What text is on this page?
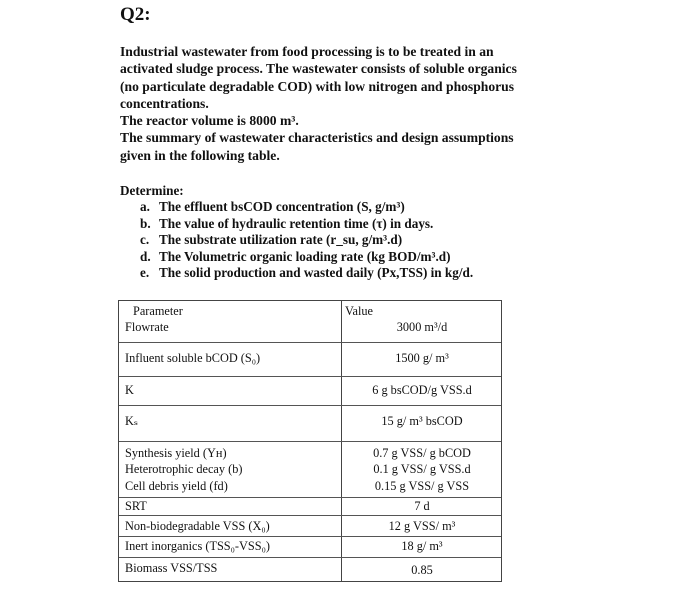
Q2:

Industrial wastewater from food processing is to be treated in an

activated sludge process. The wastewater consists of soluble organics

(no particulate degradable COD) with low nitrogen and phosphorus

concentrations.

The reactor volume is 8000 m³.

The summary of wastewater characteristics and design assumptions

given in the following table.

Determine:

a. The effluent bsCOD concentration (S, g/m³)
b. The value of hydraulic retention time (τ) in days.
c. The substrate utilization rate (r_su, g/m³.d)
d. The Volumetric organic loading rate (kg BOD/m³.d)
e. The solid production and wasted daily (Px,TSS) in kg/d.
Parameter	Value
Flowrate	3000 m³/d
Influent soluble bCOD (S₀)	1500 g/ m³
K	6 g bsCOD/g VSS.d
Kₛ	15 g/ m³ bsCOD
Synthesis yield (Yн)	0.7 g VSS/ g bCOD
Heterotrophic decay (b)	0.1 g VSS/ g VSS.d
Cell debris yield (fd)	0.15 g VSS/ g VSS
SRT	7 d
Non-biodegradable VSS (X₀)	12 g VSS/ m³
Inert inorganics (TSS₀-VSS₀)	18 g/ m³
Biomass VSS/TSS	0.85
